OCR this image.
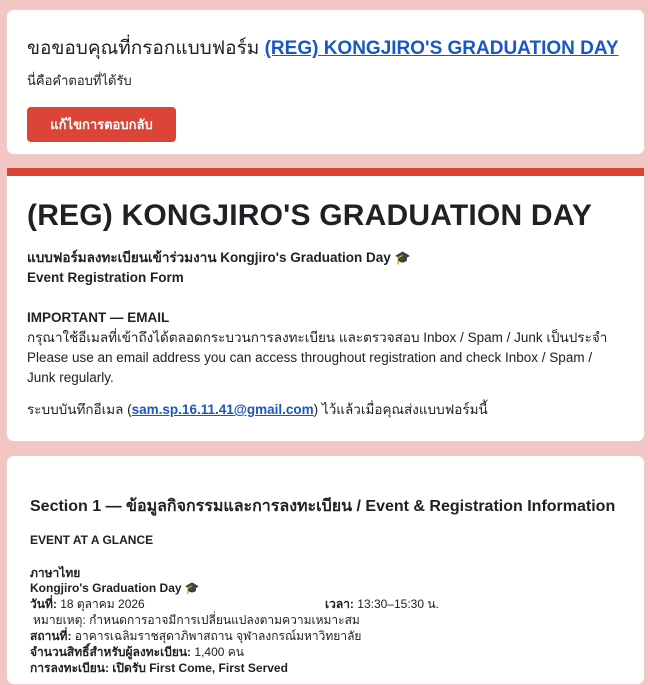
ขอขอบคุณที่กรอกแบบฟอร์ม (REG) KONGJIRO'S GRADUATION DAY
นี่คือคำตอบที่ได้รับ
แก้ไขการตอบกลับ
(REG) KONGJIRO'S GRADUATION DAY
แบบฟอร์มลงทะเบียนเข้าร่วมงาน Kongjiro's Graduation Day 🎓
Event Registration Form
IMPORTANT — EMAIL
กรุณาใช้อีเมลที่เข้าถึงได้ตลอดกระบวนการลงทะเบียน และตรวจสอบ Inbox / Spam / Junk เป็นประจำ
Please use an email address you can access throughout registration and check Inbox / Spam /
Junk regularly.
ระบบบันทึกอีเมล (sam.sp.16.11.41@gmail.com) ไว้แล้วเมื่อคุณส่งแบบฟอร์มนี้
Section 1 — ข้อมูลกิจกรรมและการลงทะเบียน / Event & Registration Information
EVENT AT A GLANCE
ภาษาไทย
Kongjiro's Graduation Day 🎓
วันที่: 18 ตุลาคม 2026	เวลา: 13:30–15:30 น.
หมายเหตุ: กำหนดการอาจมีการเปลี่ยนแปลงตามความเหมาะสม
สถานที่: อาคารเฉลิมราชสุดาภิพาสถาน จุฬาลงกรณ์มหาวิทยาลัย
จำนวนสิทธิ์สำหรับผู้ลงทะเบียน: 1,400 คน
การลงทะเบียน: เปิดรับ First Come, First Served
